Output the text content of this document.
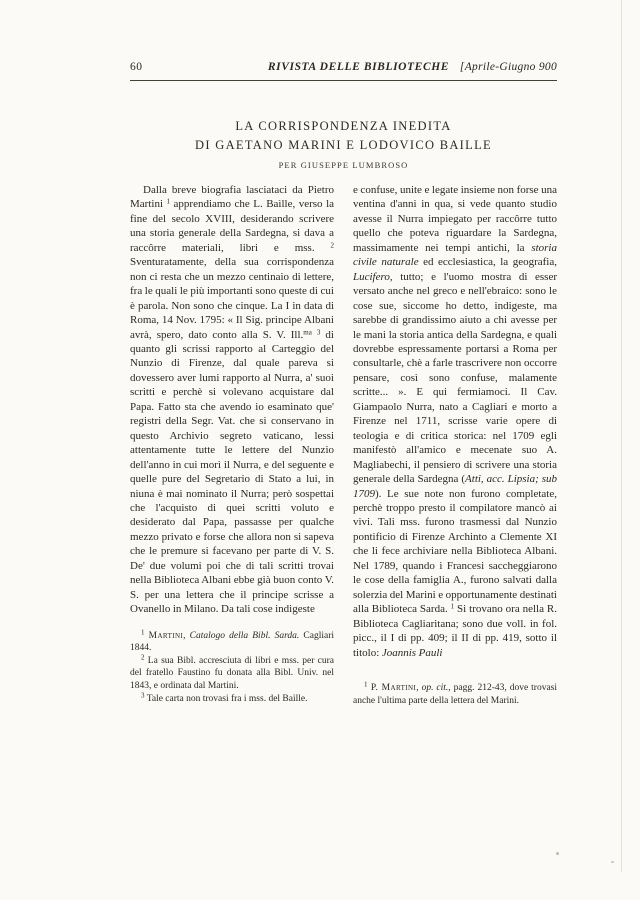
60	RIVISTA DELLE BIBLIOTECHE [Aprile-Giugno 900
LA CORRISPONDENZA INEDITA
DI GAETANO MARINI E LODOVICO BAILLE
PER GIUSEPPE LUMBROSO

Dalla breve biografia lasciataci da Pietro Martini $^1$ apprendiamo che L. Baìlle, verso la fine del secolo XVIII, desiderando scrivere una storia generale della Sardegna, si dava a raccôrre materiali, libri e mss. $^2$ Sventuratamente, della sua corrispondenza non ci resta che un mezzo centinaio di lettere, fra le quali le più importanti sono queste di cui è parola. Non sono che cinque. La I in data di Roma, 14 Nov. 1795: « Il Sig. principe Albani avrà, spero, dato conto alla S. V. Ill.$^{ma}$ $^3$ di quanto gli scrissi rapporto al Carteggio del Nunzio di Firenze, dal quale pareva si dovessero aver lumi rapporto al Nurra, a' suoi scritti e perchè si volevano acquistare dal Papa. Fatto sta che avendo io esaminato que' registri della Segr. Vat. che si conservano in questo Archivio segreto vaticano, lessi attentamente tutte le lettere del Nunzio dell'anno in cui morì il Nurra, e del seguente e quelle pure del Segretario di Stato a lui, in niuna è mai nominato il Nurra; però sospettai che l'acquisto di quei scritti voluto e desiderato dal Papa, passasse per qualche mezzo privato e forse che allora non si sapeva che le premure si facevano per parte di V. S. De' due volumi poi che di tali scritti trovai nella Biblioteca Albani ebbe già buon conto V. S. per una lettera che il principe scrisse a Ovanello in Milano. Da tali cose indigeste

$^1$ Martini, Catalogo della Bibl. Sarda. Cagliari 1844.

$^2$ La sua Bibl. accresciuta di libri e mss. per cura del fratello Faustino fu donata alla Bibl. Univ. nel 1843, e ordinata dal Martini.

$^3$ Tale carta non trovasi fra i mss. del Baìlle.

e confuse, unite e legate insieme non forse una ventina d'anni in qua, si vede quanto studio avesse il Nurra impiegato per raccôrre tutto quello che poteva riguardare la Sardegna, massimamente nei tempi antichi, la storia civile naturale ed ecclesiastica, la geografia, Lucifero, tutto; e l'uomo mostra di esser versato anche nel greco e nell'ebraico: sono le cose sue, siccome ho detto, indigeste, ma sarebbe di grandissimo aiuto a chi avesse per le mani la storia antica della Sardegna, e quali dovrebbe espressamente portarsi a Roma per consultarle, chè a farle trascrivere non occorre pensare, così sono confuse, malamente scritte... ». E qui fermiamoci. Il Cav. Giampaolo Nurra, nato a Cagliari e morto a Firenze nel 1711, scrisse varie opere di teologia e di critica storica: nel 1709 egli manifestò all'amico e mecenate suo A. Magliabechi, il pensiero di scrivere una storia generale della Sardegna (Atti, acc. Lipsia; sub 1709). Le sue note non furono completate, perchè troppo presto il compilatore mancò ai vivi. Tali mss. furono trasmessi dal Nunzio pontificio di Firenze Archinto a Clemente XI che li fece archiviare nella Biblioteca Albani. Nel 1789, quando i Francesi saccheggiarono le cose della famiglia A., furono salvati dalla solerzia del Marini e opportunamente destinati alla Biblioteca Sarda. $^1$ Si trovano ora nella R. Biblioteca Cagliaritana; sono due voll. in fol. picc., il I di pp. 409; il II di pp. 419, sotto il titolo: Joannis Pauli

$^1$ P. Martini, op. cit., pagg. 212-43, dove trovasi anche l'ultima parte della lettera del Marini.
